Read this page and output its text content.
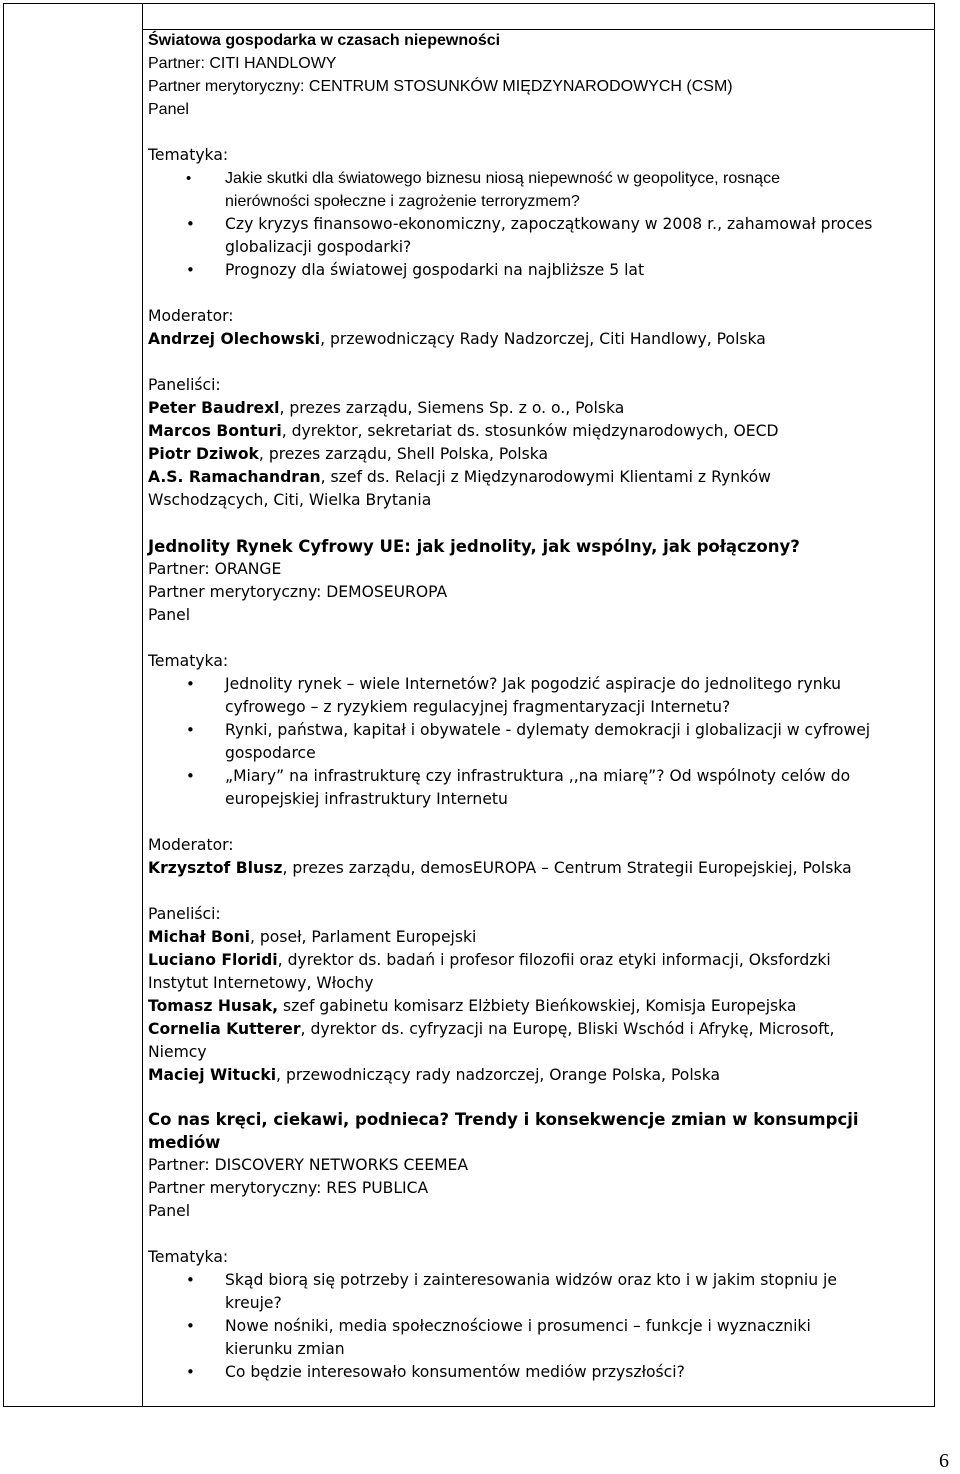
Światowa gospodarka w czasach niepewności
Partner: CITI HANDLOWY
Partner merytoryczny: CENTRUM STOSUNKÓW MIĘDZYNARODOWYCH (CSM)
Panel
Tematyka:
• Jakie skutki dla światowego biznesu niosą niepewność w geopolityce, rosnące
nierówności społeczne i zagrożenie terroryzmem?
• Czy kryzys finansowo-ekonomiczny, zapoczątkowany w 2008 r., zahamował proces
globalizacji gospodarki?
• Prognozy dla światowej gospodarki na najbliższe 5 lat
Moderator:
Andrzej Olechowski, przewodniczący Rady Nadzorczej, Citi Handlowy, Polska
Paneliści:
Peter Baudrexl, prezes zarządu, Siemens Sp. z o. o., Polska
Marcos Bonturi, dyrektor, sekretariat ds. stosunków międzynarodowych, OECD
Piotr Dziwok, prezes zarządu, Shell Polska, Polska
A.S. Ramachandran, szef ds. Relacji z Międzynarodowymi Klientami z Rynków
Wschodzących, Citi, Wielka Brytania
Jednolity Rynek Cyfrowy UE: jak jednolity, jak wspólny, jak połączony?
Partner: ORANGE
Partner merytoryczny: DEMOSEUROPA
Panel
Tematyka:
• Jednolity rynek – wiele Internetów? Jak pogodzić aspiracje do jednolitego rynku
cyfrowego – z ryzykiem regulacyjnej fragmentaryzacji Internetu?
• Rynki, państwa, kapitał i obywatele - dylematy demokracji i globalizacji w cyfrowej
gospodarce
• „Miary” na infrastrukturę czy infrastruktura ,,na miarę”? Od wspólnoty celów do
europejskiej infrastruktury Internetu
Moderator:
Krzysztof Blusz, prezes zarządu, demosEUROPA – Centrum Strategii Europejskiej, Polska
Paneliści:
Michał Boni, poseł, Parlament Europejski
Luciano Floridi, dyrektor ds. badań i profesor filozofii oraz etyki informacji, Oksfordzki
Instytut Internetowy, Włochy
Tomasz Husak, szef gabinetu komisarz Elżbiety Bieńkowskiej, Komisja Europejska
Cornelia Kutterer, dyrektor ds. cyfryzacji na Europę, Bliski Wschód i Afrykę, Microsoft,
Niemcy
Maciej Witucki, przewodniczący rady nadzorczej, Orange Polska, Polska
Co nas kręci, ciekawi, podnieca? Trendy i konsekwencje zmian w konsumpcji
mediów
Partner: DISCOVERY NETWORKS CEEMEA
Partner merytoryczny: RES PUBLICA
Panel
Tematyka:
• Skąd biorą się potrzeby i zainteresowania widzów oraz kto i w jakim stopniu je
kreuje?
• Nowe nośniki, media społecznościowe i prosumenci – funkcje i wyznaczniki
kierunku zmian
• Co będzie interesowało konsumentów mediów przyszłości?
6
